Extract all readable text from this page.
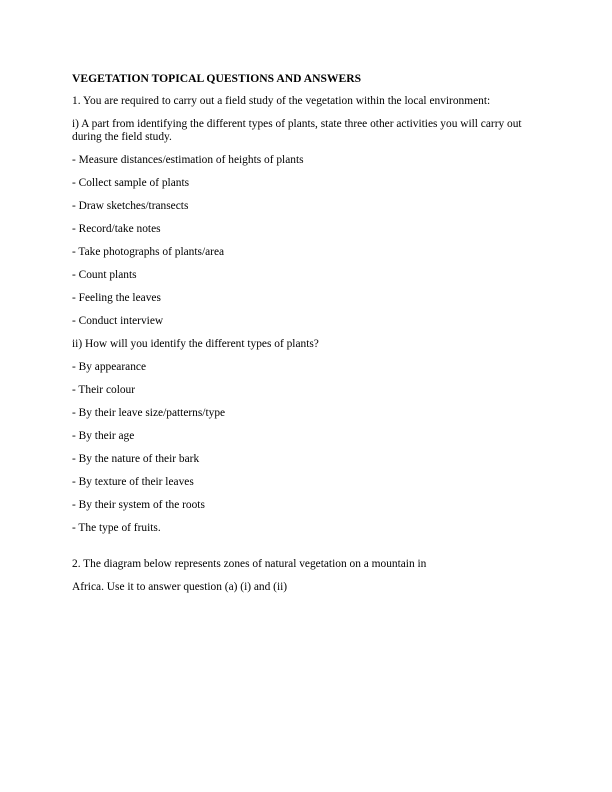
VEGETATION TOPICAL QUESTIONS AND ANSWERS

1. You are required to carry out a field study of the vegetation within the local environment:

i) A part from identifying the different types of plants, state three other activities you will carry out during the field study.

- Measure distances/estimation of heights of plants
- Collect sample of plants
- Draw sketches/transects
- Record/take notes
- Take photographs of plants/area
- Count plants
- Feeling the leaves
- Conduct interview

ii) How will you identify the different types of plants?

- By appearance
- Their colour
- By their leave size/patterns/type
- By their age
- By the nature of their bark
- By texture of their leaves
- By their system of the roots
- The type of fruits.

2. The diagram below represents zones of natural vegetation on a mountain in

Africa. Use it to answer question (a) (i) and (ii)
